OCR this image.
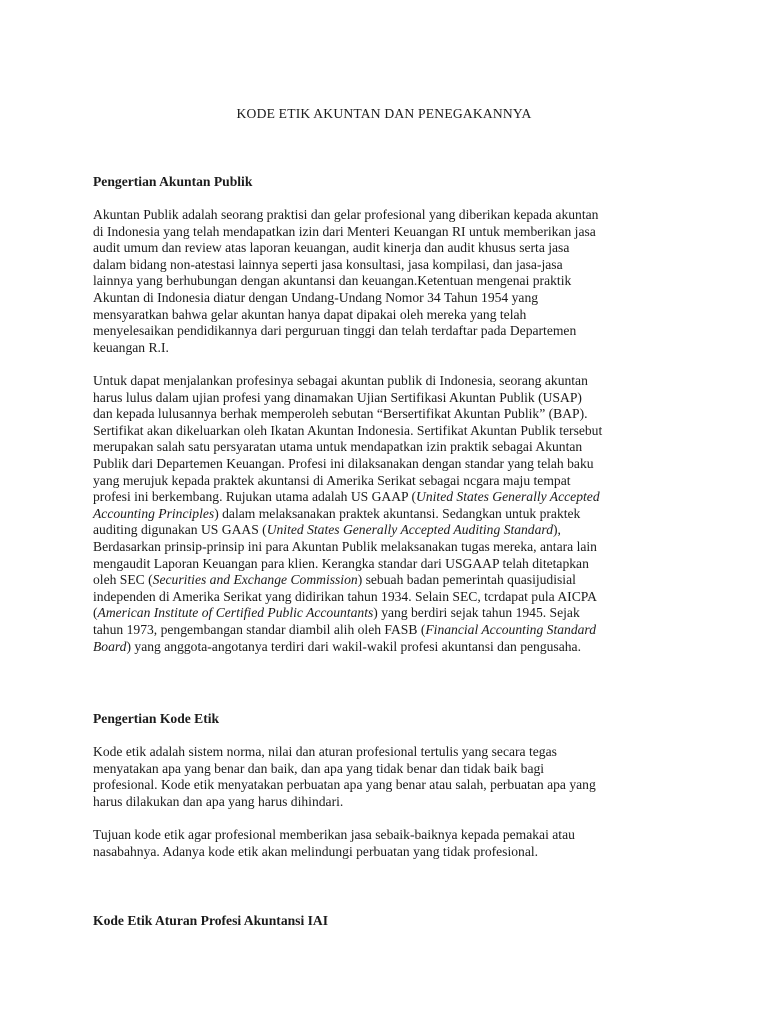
KODE ETIK AKUNTAN DAN PENEGAKANNYA
Pengertian Akuntan Publik
Akuntan Publik adalah seorang praktisi dan gelar profesional yang diberikan kepada akuntan
di Indonesia yang telah mendapatkan izin dari Menteri Keuangan RI untuk memberikan jasa
audit umum dan review atas laporan keuangan, audit kinerja dan audit khusus serta jasa
dalam bidang non-atestasi lainnya seperti jasa konsultasi, jasa kompilasi, dan jasa-jasa
lainnya yang berhubungan dengan akuntansi dan keuangan.Ketentuan mengenai praktik
Akuntan di Indonesia diatur dengan Undang-Undang Nomor 34 Tahun 1954 yang
mensyaratkan bahwa gelar akuntan hanya dapat dipakai oleh mereka yang telah
menyelesaikan pendidikannya dari perguruan tinggi dan telah terdaftar pada Departemen
keuangan R.I.
Untuk dapat menjalankan profesinya sebagai akuntan publik di Indonesia, seorang akuntan
harus lulus dalam ujian profesi yang dinamakan Ujian Sertifikasi Akuntan Publik (USAP)
dan kepada lulusannya berhak memperoleh sebutan “Bersertifikat Akuntan Publik” (BAP).
Sertifikat akan dikeluarkan oleh Ikatan Akuntan Indonesia. Sertifikat Akuntan Publik tersebut
merupakan salah satu persyaratan utama untuk mendapatkan izin praktik sebagai Akuntan
Publik dari Departemen Keuangan. Profesi ini dilaksanakan dengan standar yang telah baku
yang merujuk kepada praktek akuntansi di Amerika Serikat sebagai ncgara maju tempat
profesi ini berkembang. Rujukan utama adalah US GAAP (United States Generally Accepted
Accounting Principles) dalam melaksanakan praktek akuntansi. Sedangkan untuk praktek
auditing digunakan US GAAS (United States Generally Accepted Auditing Standard),
Berdasarkan prinsip-prinsip ini para Akuntan Publik melaksanakan tugas mereka, antara lain
mengaudit Laporan Keuangan para klien. Kerangka standar dari USGAAP telah ditetapkan
oleh SEC (Securities and Exchange Commission) sebuah badan pemerintah quasijudisial
independen di Amerika Serikat yang didirikan tahun 1934. Selain SEC, tcrdapat pula AICPA
(American Institute of Certified Public Accountants) yang berdiri sejak tahun 1945. Sejak
tahun 1973, pengembangan standar diambil alih oleh FASB (Financial Accounting Standard
Board) yang anggota-angotanya terdiri dari wakil-wakil profesi akuntansi dan pengusaha.
Pengertian Kode Etik
Kode etik adalah sistem norma, nilai dan aturan profesional tertulis yang secara tegas
menyatakan apa yang benar dan baik, dan apa yang tidak benar dan tidak baik bagi
profesional. Kode etik menyatakan perbuatan apa yang benar atau salah, perbuatan apa yang
harus dilakukan dan apa yang harus dihindari.
Tujuan kode etik agar profesional memberikan jasa sebaik-baiknya kepada pemakai atau
nasabahnya. Adanya kode etik akan melindungi perbuatan yang tidak profesional.
Kode Etik Aturan Profesi Akuntansi IAI
